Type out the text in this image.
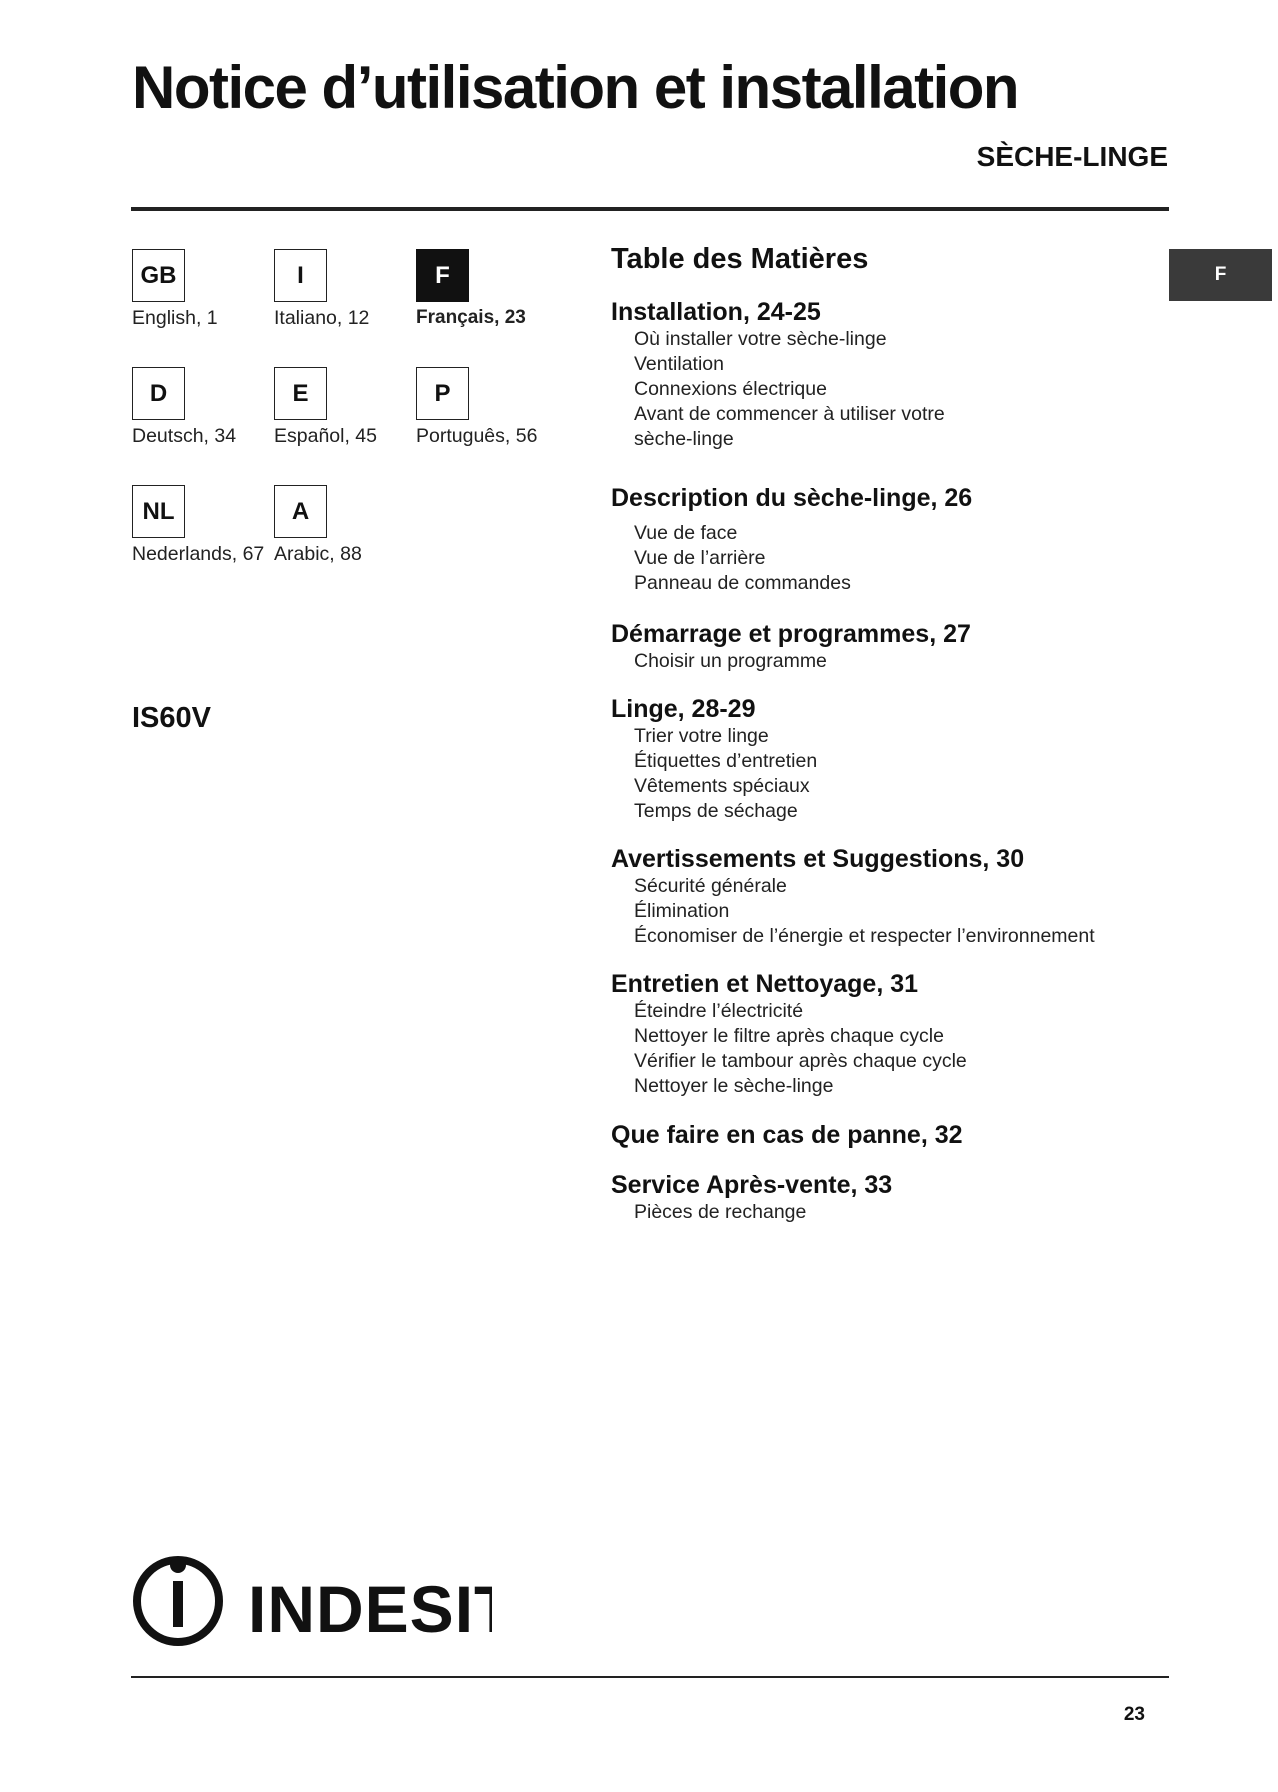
Notice d’utilisation et installation
SÈCHE-LINGE
F
GB
English, 1
I
Italiano, 12
F
Français, 23
D
Deutsch, 34
E
Español, 45
P
Português, 56
NL
Nederlands, 67
A
Arabic, 88
IS60V
Table des Matières
Installation, 24-25
Où installer votre sèche-linge
Ventilation
Connexions électrique
Avant de commencer à utiliser votre
sèche-linge
Description du sèche-linge, 26
Vue de face
Vue de l’arrière
Panneau de commandes
Démarrage et programmes, 27
Choisir un programme
Linge, 28-29
Trier votre linge
Étiquettes d’entretien
Vêtements spéciaux
Temps de séchage
Avertissements et Suggestions, 30
Sécurité générale
Élimination
Économiser de l’énergie et respecter l’environnement
Entretien et Nettoyage, 31
Éteindre l’électricité
Nettoyer le filtre après chaque cycle
Vérifier le tambour après chaque cycle
Nettoyer le sèche-linge
Que faire en cas de panne, 32
Service Après-vente, 33
Pièces de rechange
INDESIT
23
